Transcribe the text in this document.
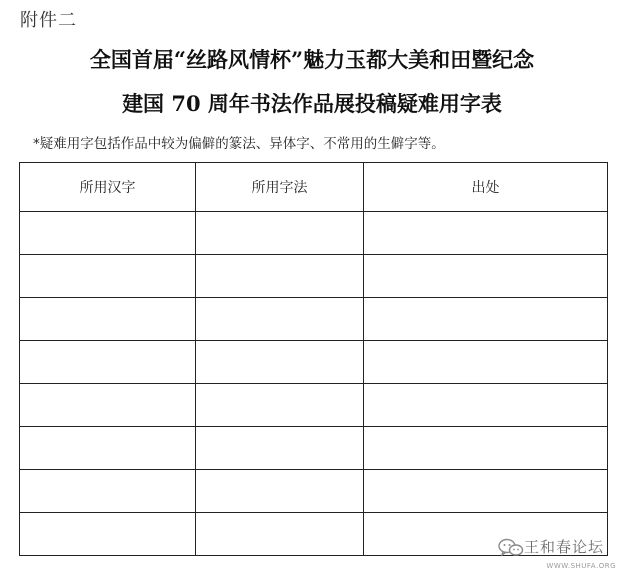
附件二
全国首届“丝路风情杯”魅力玉都大美和田暨纪念
建国 70 周年书法作品展投稿疑难用字表
*疑难用字包括作品中较为偏僻的篆法、异体字、不常用的生僻字等。
所用汉字	所用字法	出处

王和春论坛
WWW.SHUFA.ORG
